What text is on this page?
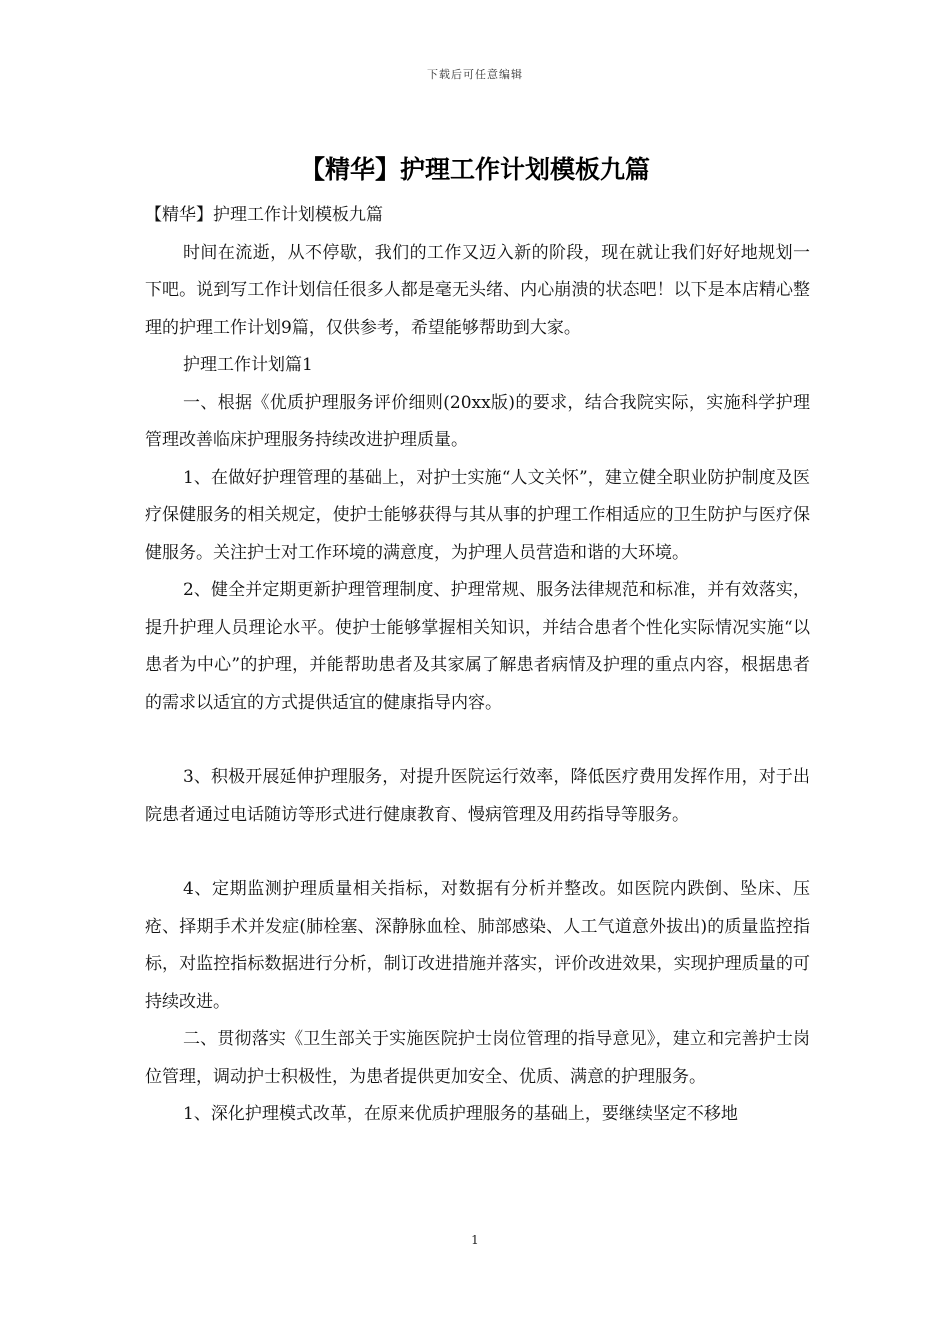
下载后可任意编辑
【精华】护理工作计划模板九篇

【精华】护理工作计划模板九篇

时间在流逝，从不停歇，我们的工作又迈入新的阶段，现在就让我们好好地规划一下吧。说到写工作计划信任很多人都是毫无头绪、内心崩溃的状态吧！以下是本店精心整理的护理工作计划9篇，仅供参考，希望能够帮助到大家。

护理工作计划篇1

一、根据《优质护理服务评价细则(20xx版)的要求，结合我院实际，实施科学护理管理改善临床护理服务持续改进护理质量。

1、在做好护理管理的基础上，对护士实施“人文关怀”，建立健全职业防护制度及医疗保健服务的相关规定，使护士能够获得与其从事的护理工作相适应的卫生防护与医疗保健服务。关注护士对工作环境的满意度，为护理人员营造和谐的大环境。

2、健全并定期更新护理管理制度、护理常规、服务法律规范和标准，并有效落实，提升护理人员理论水平。使护士能够掌握相关知识，并结合患者个性化实际情况实施“以患者为中心”的护理，并能帮助患者及其家属了解患者病情及护理的重点内容，根据患者的需求以适宜的方式提供适宜的健康指导内容。

3、积极开展延伸护理服务，对提升医院运行效率，降低医疗费用发挥作用，对于出院患者通过电话随访等形式进行健康教育、慢病管理及用药指导等服务。

4、定期监测护理质量相关指标，对数据有分析并整改。如医院内跌倒、坠床、压疮、择期手术并发症(肺栓塞、深静脉血栓、肺部感染、人工气道意外拔出)的质量监控指标，对监控指标数据进行分析，制订改进措施并落实，评价改进效果，实现护理质量的可持续改进。

二、贯彻落实《卫生部关于实施医院护士岗位管理的指导意见》，建立和完善护士岗位管理，调动护士积极性，为患者提供更加安全、优质、满意的护理服务。

1、深化护理模式改革，在原来优质护理服务的基础上，要继续坚定不移地

1
